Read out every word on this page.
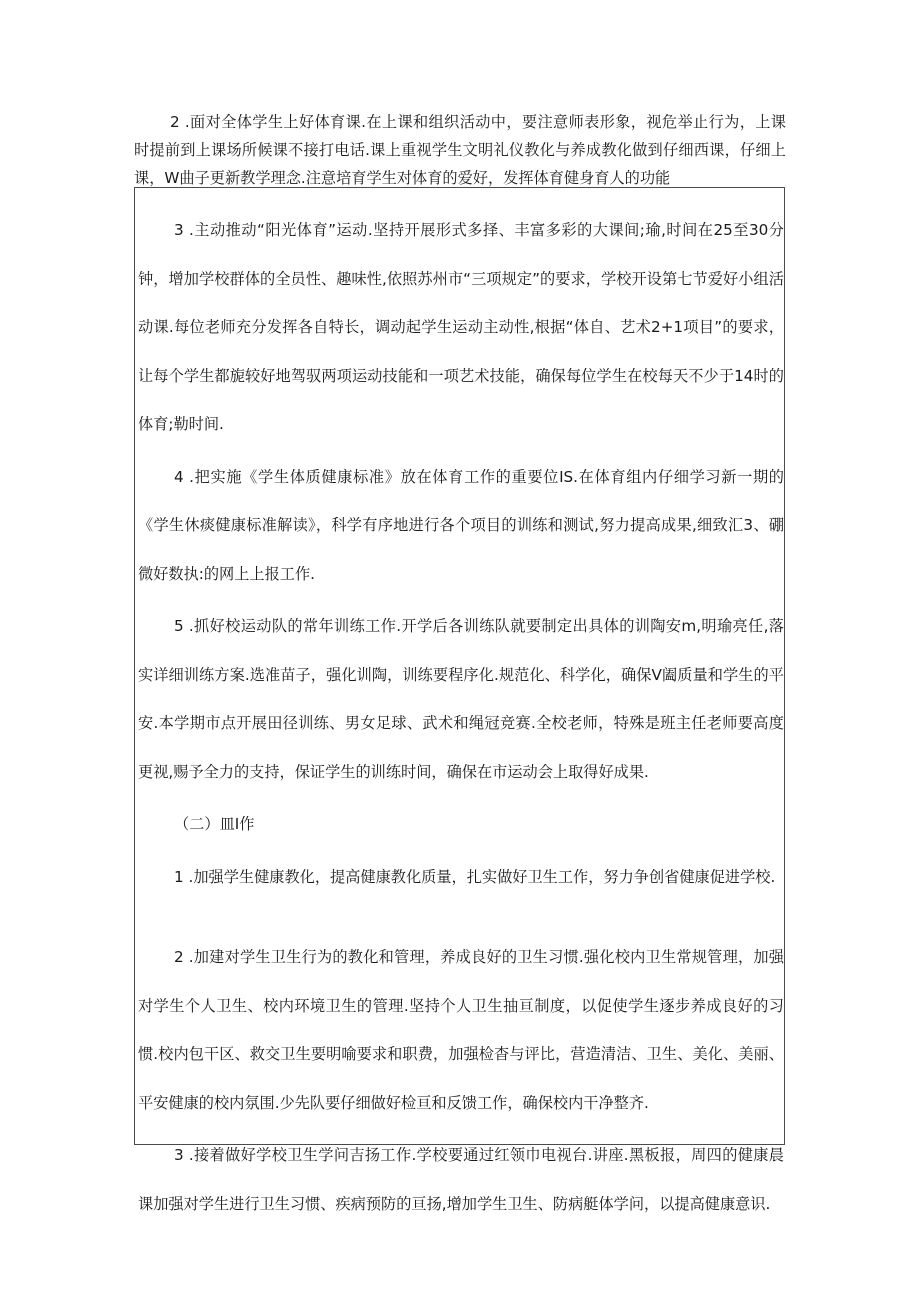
2 .面对全体学生上好体育课.在上课和组织活动中，要注意师表形象，视危举止行为，上课时提前到上课场所候课不接打电话.课上重视学生文明礼仪教化与养成教化做到仔细西课，仔细上课，W曲子更新教学理念.注意培育学生对体育的爱好，发挥体育健身育人的功能

3 .主动推动“阳光体育”运动.坚持开展形式多择、丰富多彩的大课间;瑜,时间在25至30分钟，增加学校群体的全员性、趣味性,依照苏州市“三项规定”的要求，学校开设第七节爱好小组活动课.每位老师充分发挥各自特长，调动起学生运动主动性,根据“体自、艺术2+1项目”的要求，让每个学生都旎较好地驾驭两项运动技能和一项艺术技能，确保每位学生在校每天不少于14时的体育;勒时间.

4 .把实施《学生体质健康标准》放在体育工作的重要位IS.在体育组内仔细学习新一期的《学生休痰健康标准解读》，科学有序地进行各个项目的训练和测试,努力提高成果,细致汇3、硼微好数执:的网上上报工作.

5 .抓好校运动队的常年训练工作.开学后各训练队就要制定出具体的训陶安m,明瑜亮任,落实详细训练方案.选准苗子，强化训陶，训练要程序化.规范化、科学化，确保V阖质量和学生的平安.本学期市点开展田径训练、男女足球、武术和绳冠竞赛.全校老师，特殊是班主任老师要高度更视,赐予全力的支持，保证学生的训练时间，确保在市运动会上取得好成果.

（二）皿I作

1 .加强学生健康教化，提高健康教化质量，扎实做好卫生工作，努力争创省健康促进学校.

2 .加建对学生卫生行为的教化和管理，养成良好的卫生习惯.强化校内卫生常规管理，加强对学生个人卫生、校内环境卫生的管理.坚持个人卫生抽亘制度，以促使学生逐步养成良好的习惯.校内包干区、救交卫生要明喻要求和职费，加强检杳与评比，营造清洁、卫生、美化、美丽、平安健康的校内氛围.少先队要仔细做好检亘和反馈工作，确保校内干净整齐.

3 .接着做好学校卫生学问吉扬工作.学校要通过红领巾电视台.讲座.黑板报，周四的健康晨课加强对学生进行卫生习惯、疾病预防的亘扬,增加学生卫生、防病艇体学问，以提高健康意识.
